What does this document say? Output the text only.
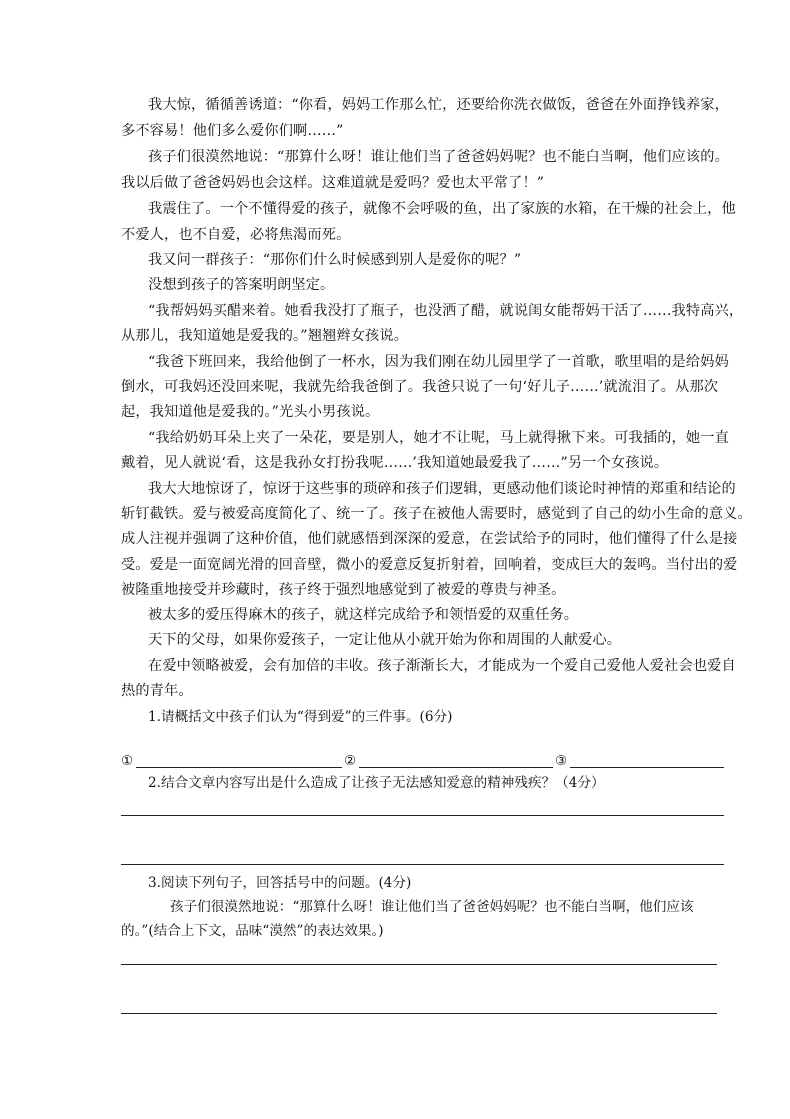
我大惊，循循善诱道：“你看，妈妈工作那么忙，还要给你洗衣做饭，爸爸在外面挣钱养家，
多不容易！他们多么爱你们啊……”
孩子们很漠然地说：“那算什么呀！谁让他们当了爸爸妈妈呢？也不能白当啊，他们应该的。
我以后做了爸爸妈妈也会这样。这难道就是爱吗？爱也太平常了！”
我震住了。一个不懂得爱的孩子，就像不会呼吸的鱼，出了家族的水箱，在干燥的社会上，他
不爱人，也不自爱，必将焦渴而死。
我又问一群孩子：“那你们什么时候感到别人是爱你的呢？”
没想到孩子的答案明朗坚定。
“我帮妈妈买醋来着。她看我没打了瓶子，也没洒了醋，就说闺女能帮妈干活了……我特高兴，
从那儿，我知道她是爱我的。”翘翘辫女孩说。
“我爸下班回来，我给他倒了一杯水，因为我们刚在幼儿园里学了一首歌，歌里唱的是给妈妈
倒水，可我妈还没回来呢，我就先给我爸倒了。我爸只说了一句‘好儿子……’就流泪了。从那次
起，我知道他是爱我的。”光头小男孩说。
“我给奶奶耳朵上夹了一朵花，要是别人，她才不让呢，马上就得揪下来。可我插的，她一直
戴着，见人就说‘看，这是我孙女打扮我呢……’我知道她最爱我了……”另一个女孩说。
我大大地惊讶了，惊讶于这些事的琐碎和孩子们逻辑，更感动他们谈论时神情的郑重和结论的
斩钉截铁。爱与被爱高度简化了、统一了。孩子在被他人需要时，感觉到了自己的幼小生命的意义。
成人注视并强调了这种价值，他们就感悟到深深的爱意，在尝试给予的同时，他们懂得了什么是接
受。爱是一面宽阔光滑的回音壁，微小的爱意反复折射着，回响着，变成巨大的轰鸣。当付出的爱
被隆重地接受并珍藏时，孩子终于强烈地感觉到了被爱的尊贵与神圣。
被太多的爱压得麻木的孩子，就这样完成给予和领悟爱的双重任务。
天下的父母，如果你爱孩子，一定让他从小就开始为你和周围的人献爱心。
在爱中领略被爱，会有加倍的丰收。孩子渐渐长大，才能成为一个爱自己爱他人爱社会也爱自
热的青年。
1.请概括文中孩子们认为“得到爱”的三件事。(6分)
①	②	③
2.结合文章内容写出是什么造成了让孩子无法感知爱意的精神残疾？（4分）
3.阅读下列句子，回答括号中的问题。(4分)
孩子们很漠然地说：“那算什么呀！谁让他们当了爸爸妈妈呢？也不能白当啊，他们应该
的。”(结合上下文，品味“漠然”的表达效果。)
